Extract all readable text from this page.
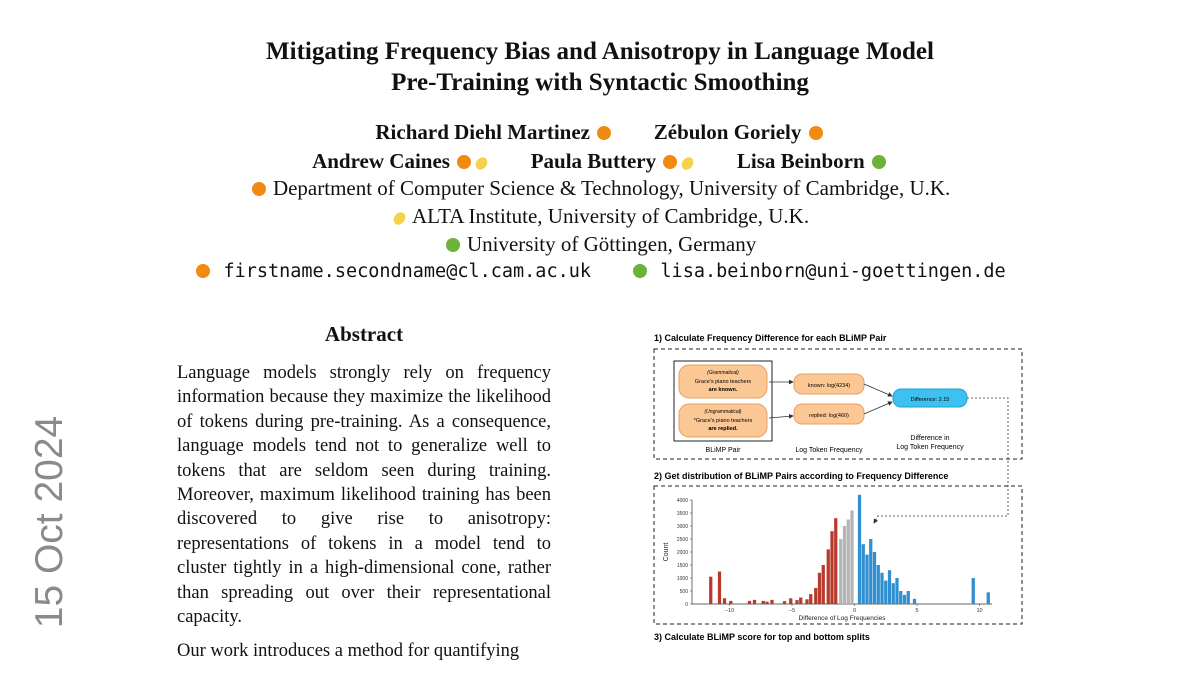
Mitigating Frequency Bias and Anisotropy in Language Model
Pre-Training with Syntactic Smoothing
Richard Diehl Martinez	Zébulon Goriely
Andrew Caines	Paula Buttery	Lisa Beinborn
Department of Computer Science & Technology, University of Cambridge, U.K.
ALTA Institute, University of Cambridge, U.K.
University of Göttingen, Germany
firstname.secondname@cl.cam.ac.uk	lisa.beinborn@uni-goettingen.de
15 Oct 2024
Abstract

Language models strongly rely on frequency information because they maximize the likelihood of tokens during pre-training. As a consequence, language models tend not to generalize well to tokens that are seldom seen during training. Moreover, maximum likelihood training has been discovered to give rise to anisotropy: representations of tokens in a model tend to cluster tightly in a high-dimensional cone, rather than spreading out over their representational capacity.

Our work introduces a method for quantifying

1) Calculate Frequency Difference for each BLiMP Pair
(Grammatical)
Grace's piano teachers
are known.
(Ungrammatical)
*Grace's piano teachers
are replied.
BLiMP Pair
known: log(4234)
replied: log(460)
Log Token Frequency
Difference: 2.15
Difference in
Log Token Frequency
2) Get distribution of BLiMP Pairs according to Frequency Difference
0
500
1000
1500
2000
2500
3000
3500
4000
−10	−5	0	5	10
Difference of Log Frequencies
Count
3) Calculate BLiMP score for top and bottom splits
